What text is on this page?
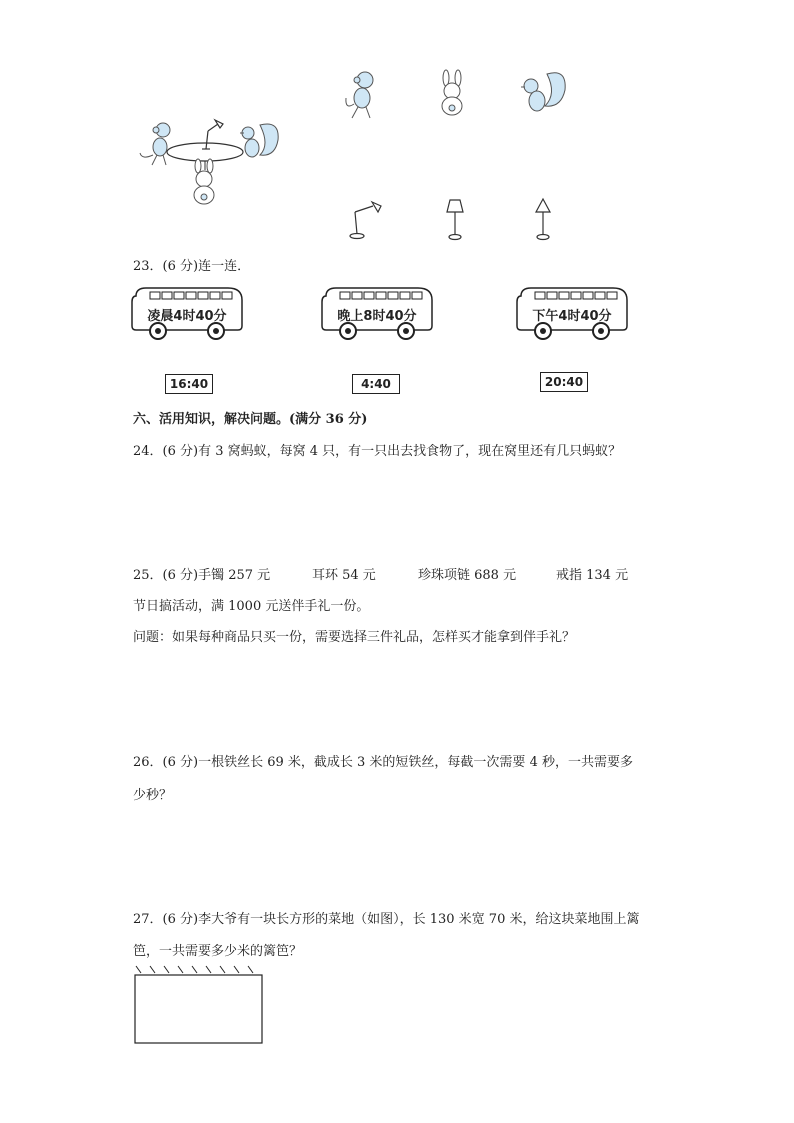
23．(6 分)连一连．
凌晨4时40分	晚上8时40分	下午4时40分
16:40	4:40	20:40
六、活用知识，解决问题。(满分 36 分)
24．(6 分)有 3 窝蚂蚁，每窝 4 只，有一只出去找食物了，现在窝里还有几只蚂蚁？
25．(6 分)手镯 257 元	耳环 54 元	珍珠项链 688 元	戒指 134 元
节日搞活动，满 1000 元送伴手礼一份。
问题：如果每种商品只买一份，需要选择三件礼品，怎样买才能拿到伴手礼？
26．(6 分)一根铁丝长 69 米，截成长 3 米的短铁丝，每截一次需要 4 秒，一共需要多
少秒？
27．(6 分)李大爷有一块长方形的菜地（如图），长 130 米宽 70 米，给这块菜地围上篱
笆，一共需要多少米的篱笆？
